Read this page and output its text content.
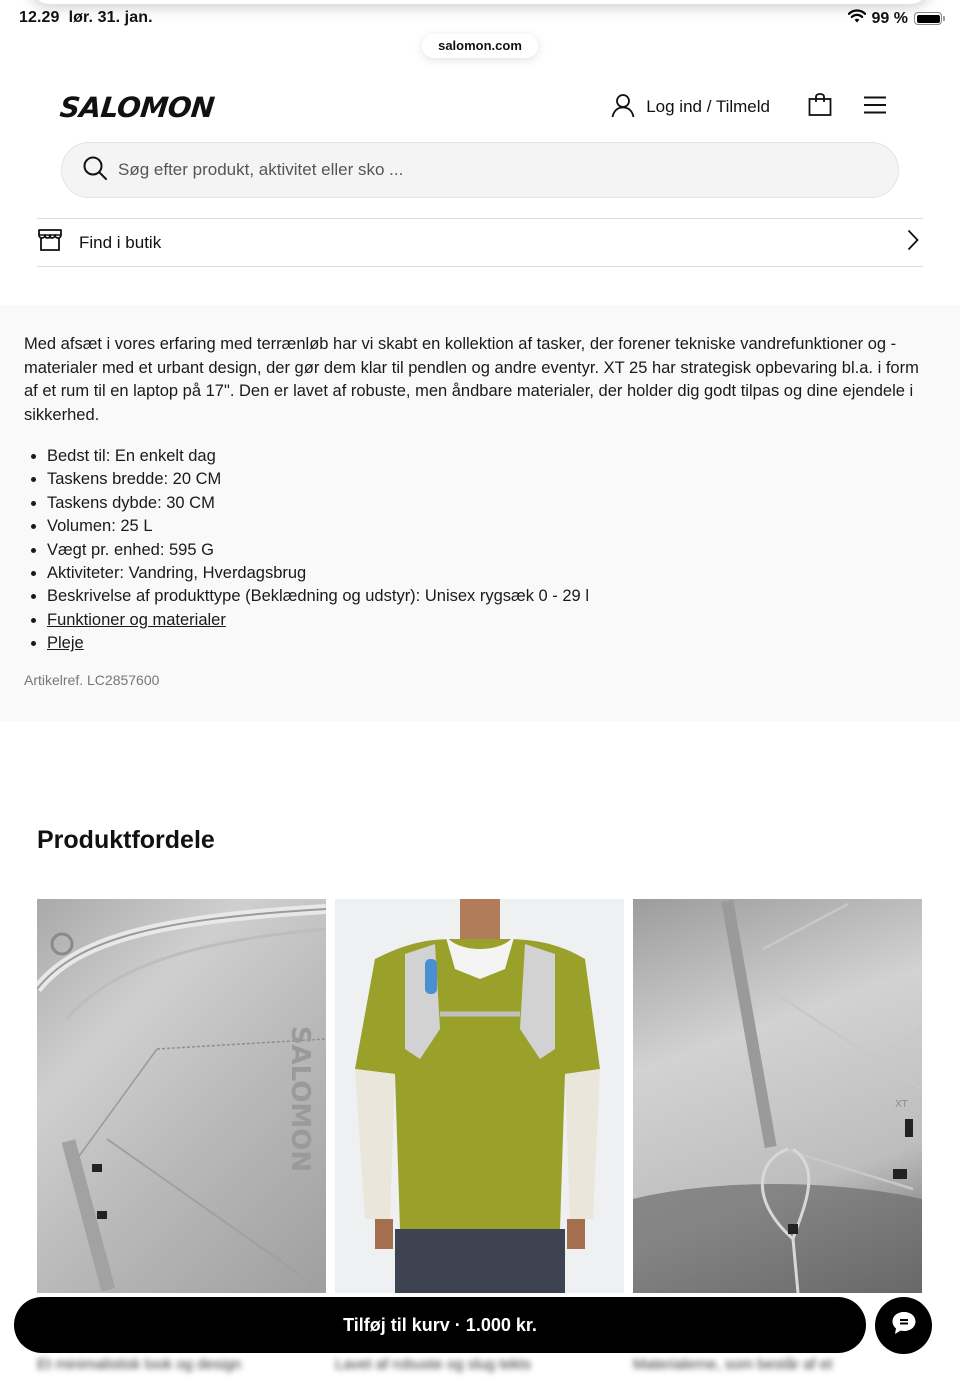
12.29 lør. 31. jan.	99 %
salomon.com
SALOMON	Log ind / Tilmeld
Søg efter produkt, aktivitet eller sko ...
Find i butik

Med afsæt i vores erfaring med terrænløb har vi skabt en kollektion af tasker, der forener tekniske vandrefunktioner og -materialer med et urbant design, der gør dem klar til pendlen og andre eventyr. XT 25 har strategisk opbevaring bl.a. i form af et rum til en laptop på 17". Den er lavet af robuste, men åndbare materialer, der holder dig godt tilpas og dine ejendele i sikkerhed.

• Bedst til: En enkelt dag
• Taskens bredde: 20 CM
• Taskens dybde: 30 CM
• Volumen: 25 L
• Vægt pr. enhed: 595 G
• Aktiviteter: Vandring, Hverdagsbrug
• Beskrivelse af produkttype (Beklædning og udstyr): Unisex rygsæk 0 - 29 l
• Funktioner og materialer
• Pleje
Artikelref. LC2857600
Produktfordele
SALOMON	XT
Et minimalistisk look og design	Lavet af robuste og slug tekts	Materialerne, som består af et
Tilføj til kurv · 1.000 kr.
